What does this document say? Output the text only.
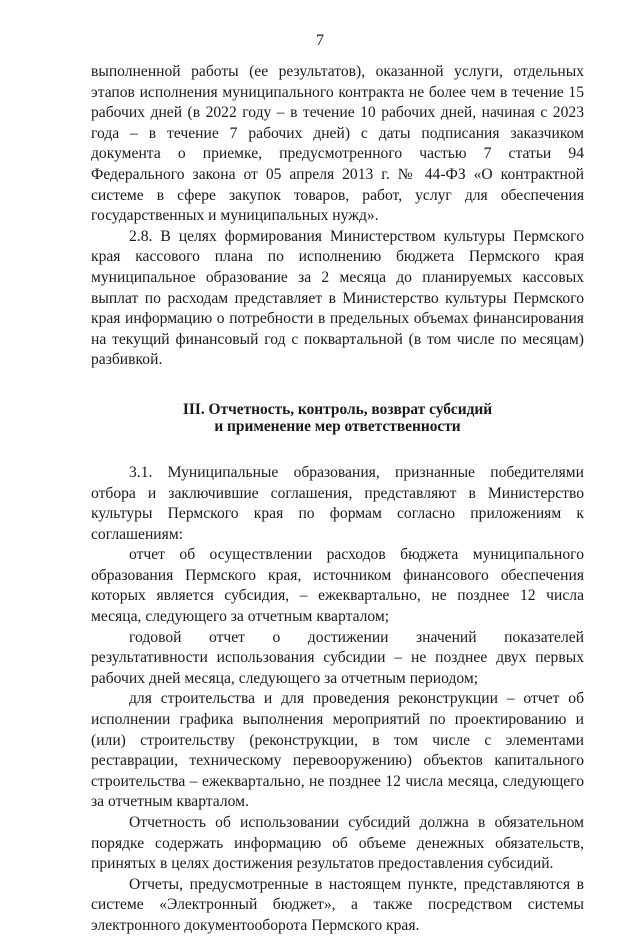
7

выполненной работы (ее результатов), оказанной услуги, отдельных этапов исполнения муниципального контракта не более чем в течение 15 рабочих дней (в 2022 году – в течение 10 рабочих дней, начиная с 2023 года – в течение 7 рабочих дней) с даты подписания заказчиком документа о приемке, предусмотренного частью 7 статьи 94 Федерального закона от 05 апреля 2013 г. № 44-ФЗ «О контрактной системе в сфере закупок товаров, работ, услуг для обеспечения государственных и муниципальных нужд».

2.8. В целях формирования Министерством культуры Пермского края кассового плана по исполнению бюджета Пермского края муниципальное образование за 2 месяца до планируемых кассовых выплат по расходам представляет в Министерство культуры Пермского края информацию о потребности в предельных объемах финансирования на текущий финансовый год с поквартальной (в том числе по месяцам) разбивкой.

III. Отчетность, контроль, возврат субсидий
и применение мер ответственности

3.1. Муниципальные образования, признанные победителями отбора и заключившие соглашения, представляют в Министерство культуры Пермского края по формам согласно приложениям к соглашениям:

отчет об осуществлении расходов бюджета муниципального образования Пермского края, источником финансового обеспечения которых является субсидия, – ежеквартально, не позднее 12 числа месяца, следующего за отчетным кварталом;

годовой отчет о достижении значений показателей результативности использования субсидии – не позднее двух первых рабочих дней месяца, следующего за отчетным периодом;

для строительства и для проведения реконструкции – отчет об исполнении графика выполнения мероприятий по проектированию и (или) строительству (реконструкции, в том числе с элементами реставрации, техническому перевооружению) объектов капитального строительства – ежеквартально, не позднее 12 числа месяца, следующего за отчетным кварталом.

Отчетность об использовании субсидий должна в обязательном порядке содержать информацию об объеме денежных обязательств, принятых в целях достижения результатов предоставления субсидий.

Отчеты, предусмотренные в настоящем пункте, представляются в системе «Электронный бюджет», а также посредством системы электронного документооборота Пермского края.
